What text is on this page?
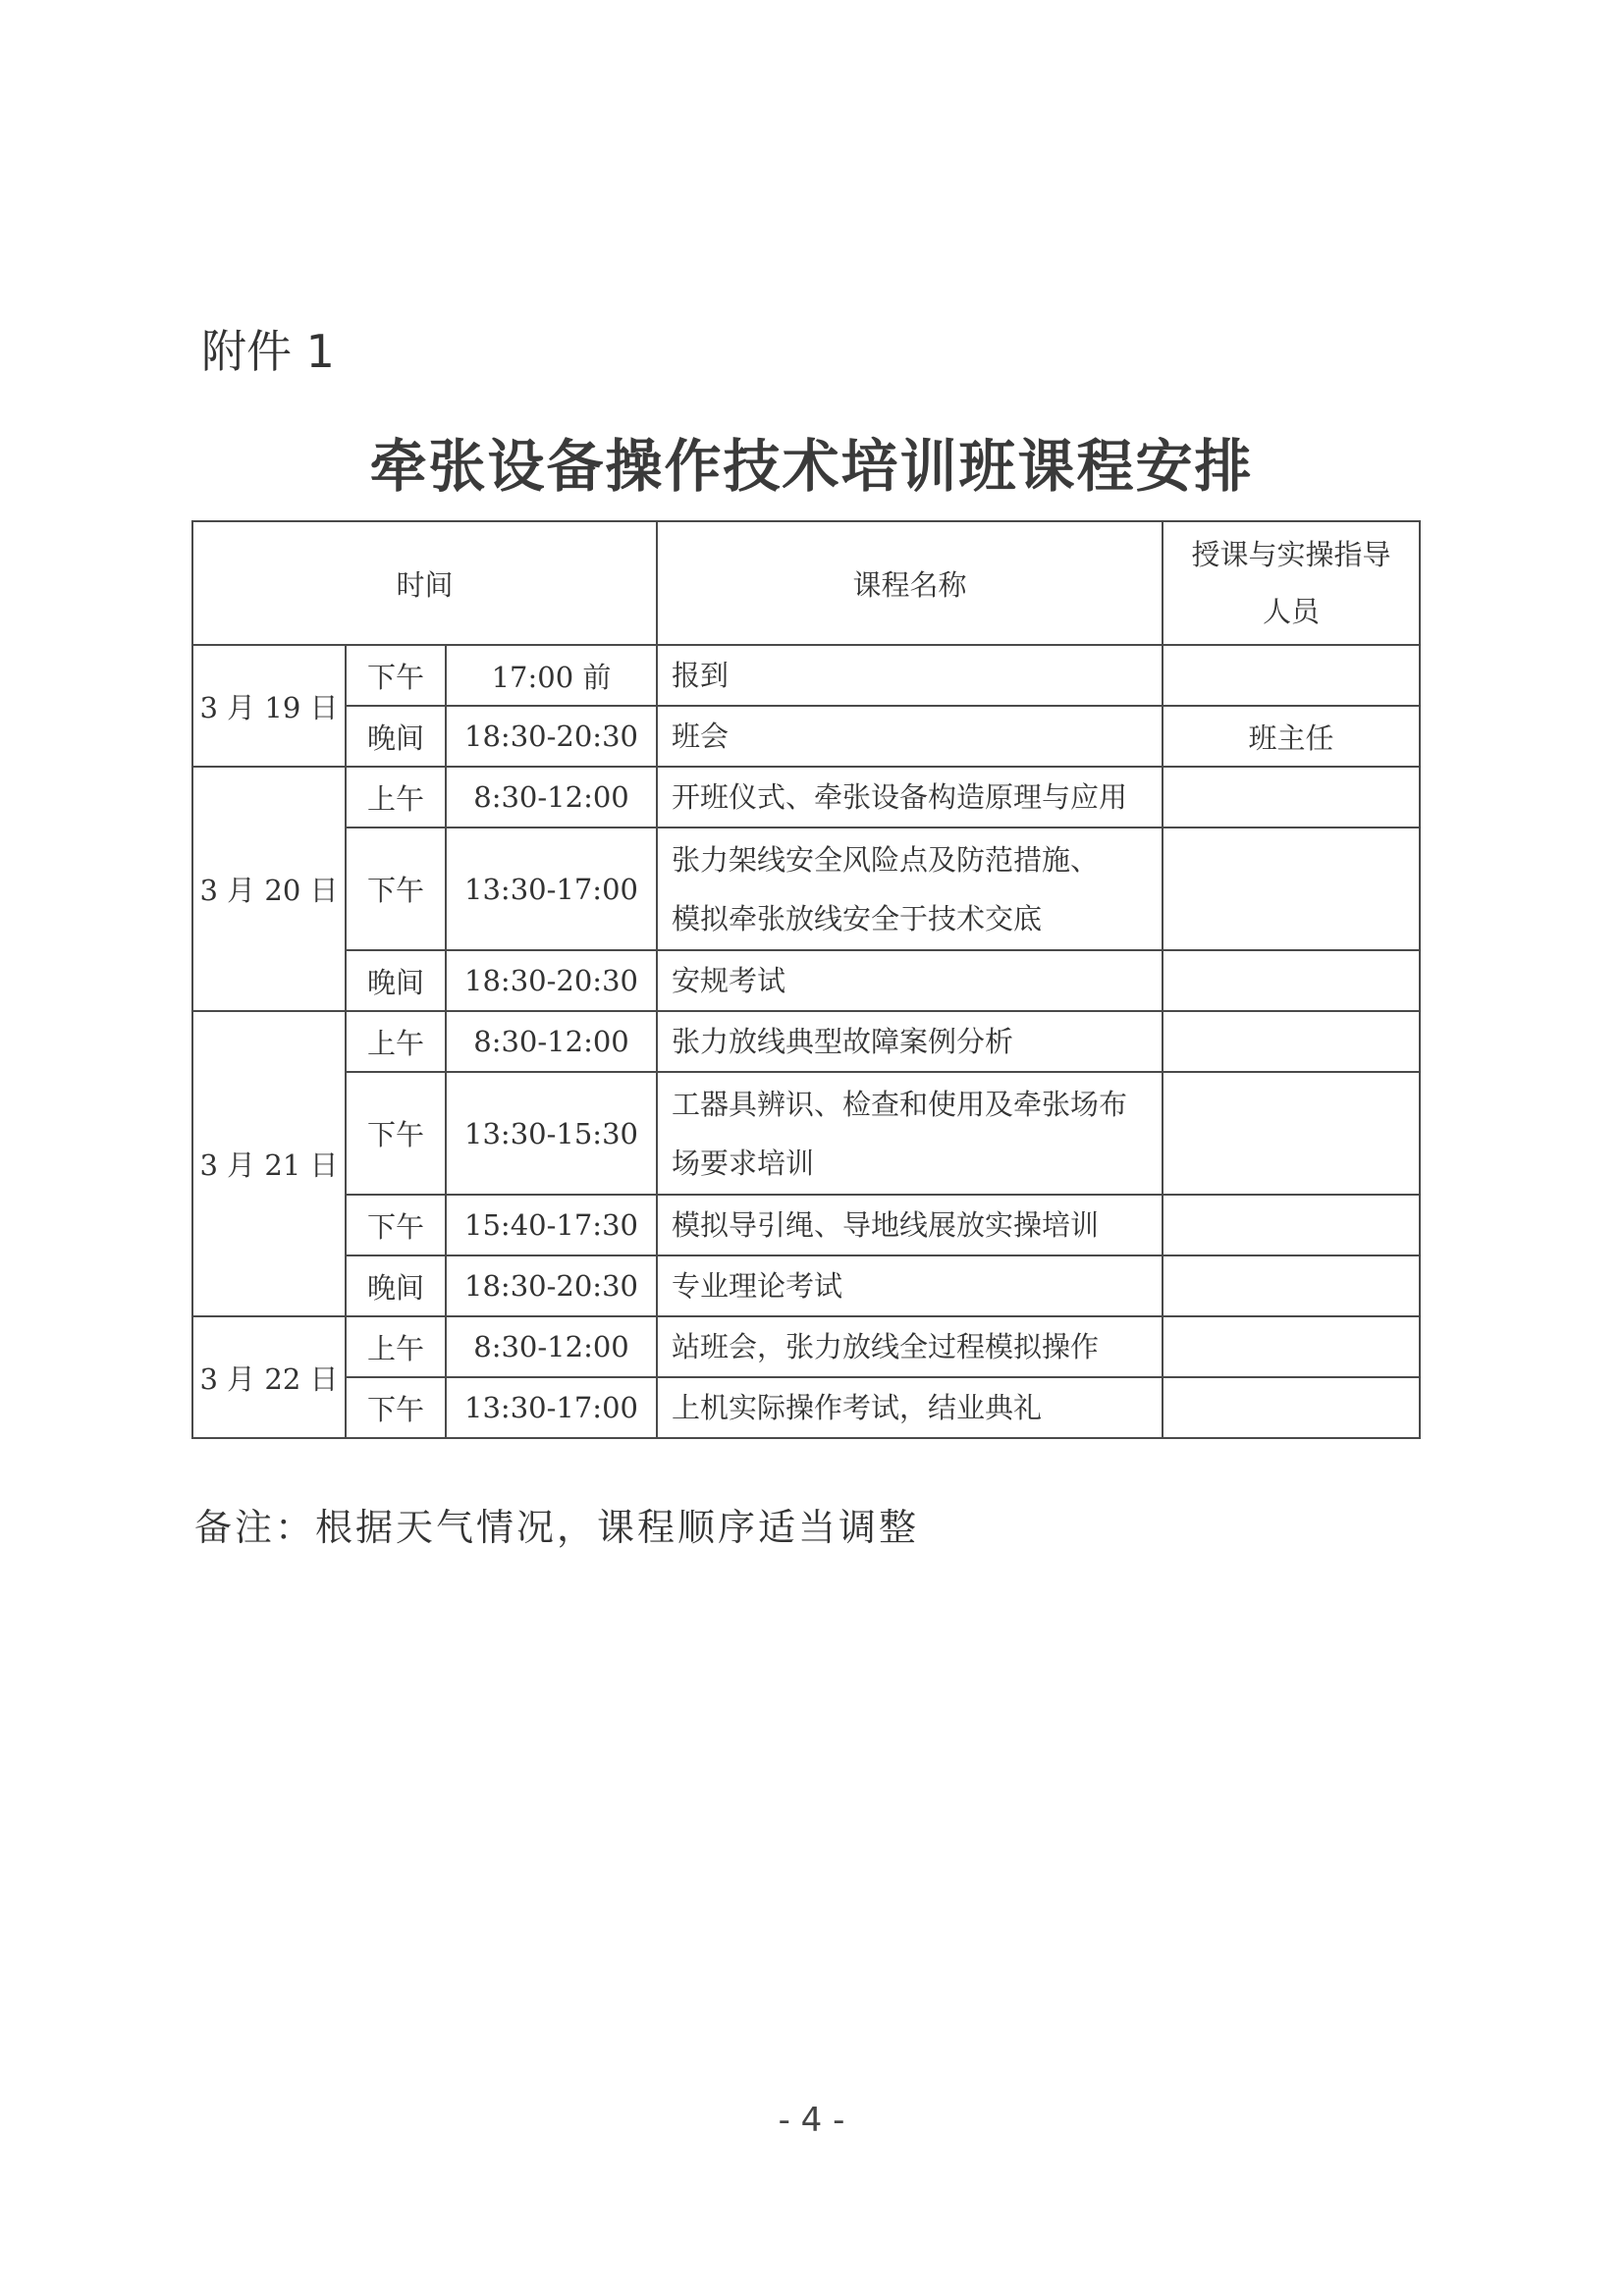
附件 1
牵张设备操作技术培训班课程安排
时间			课程名称	授课与实操指导
人员

3 月 19 日	下午	17:00 前	报到	

	晚间	18:30-20:30	班会	班主任
3 月 20 日	上午	8:30-12:00	开班仪式、牵张设备构造原理与应用	

	下午	13:30-17:00	张力架线安全风险点及防范措施、
模拟牵张放线安全于技术交底	

	晚间	18:30-20:30	安规考试	

3 月 21 日	上午	8:30-12:00	张力放线典型故障案例分析	

	下午	13:30-15:30	工器具辨识、检查和使用及牵张场布
场要求培训	

	下午	15:40-17:30	模拟导引绳、导地线展放实操培训	

	晚间	18:30-20:30	专业理论考试	

3 月 22 日	上午	8:30-12:00	站班会，张力放线全过程模拟操作	

	下午	13:30-17:00	上机实际操作考试，结业典礼	

备注：根据天气情况，课程顺序适当调整
- 4 -
